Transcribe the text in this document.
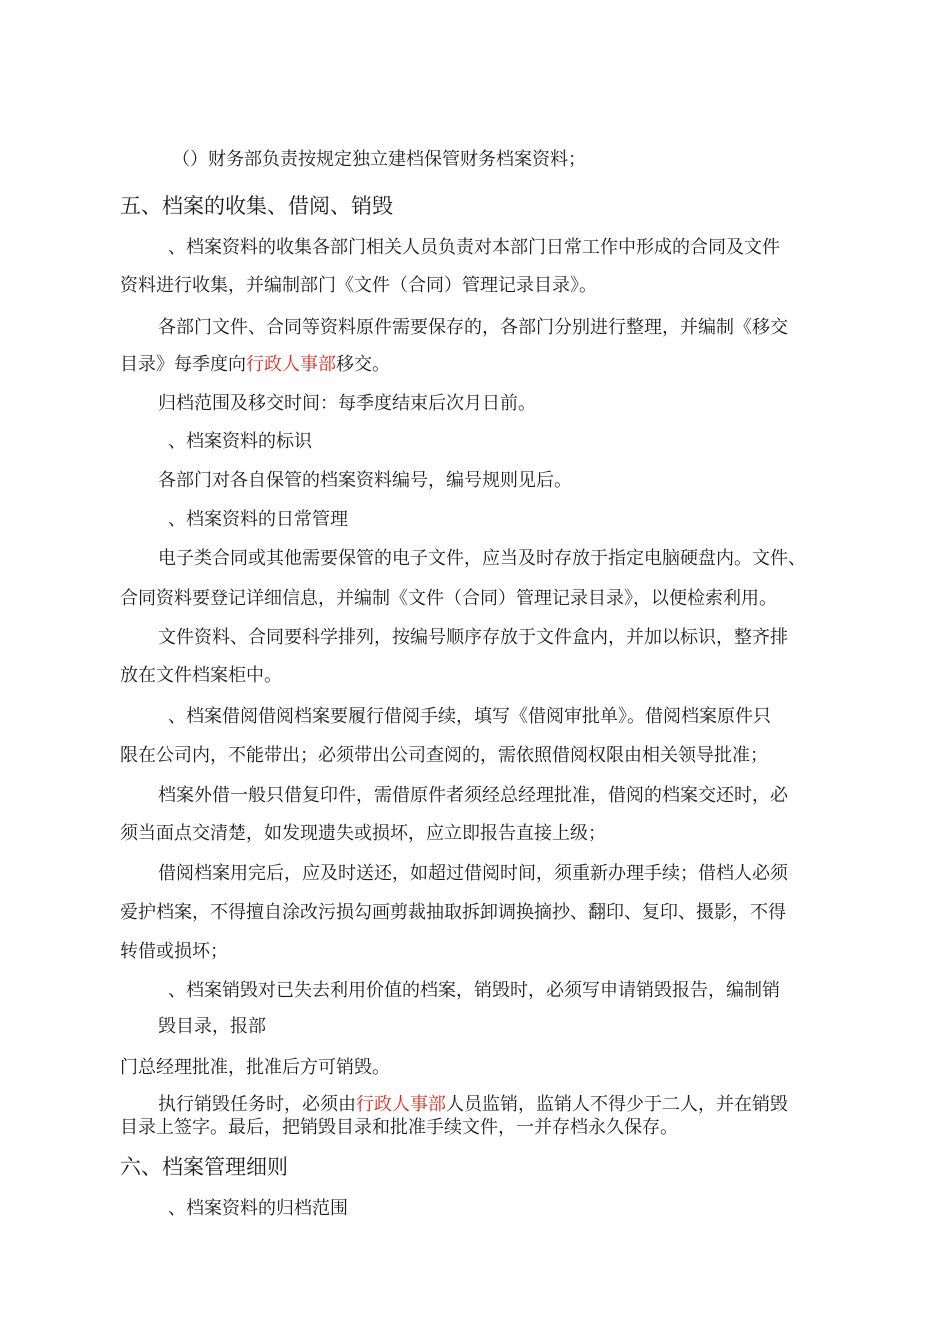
（）财务部负责按规定独立建档保管财务档案资料；
五、档案的收集、借阅、销毁
、档案资料的收集各部门相关人员负责对本部门日常工作中形成的合同及文件
资料进行收集，并编制部门《文件（合同）管理记录目录》。
各部门文件、合同等资料原件需要保存的，各部门分别进行整理，并编制《移交
目录》每季度向行政人事部移交。
归档范围及移交时间：每季度结束后次月日前。
、档案资料的标识
各部门对各自保管的档案资料编号，编号规则见后。
、档案资料的日常管理
电子类合同或其他需要保管的电子文件，应当及时存放于指定电脑硬盘内。文件、
合同资料要登记详细信息，并编制《文件（合同）管理记录目录》，以便检索利用。
文件资料、合同要科学排列，按编号顺序存放于文件盒内，并加以标识，整齐排
放在文件档案柜中。
、档案借阅借阅档案要履行借阅手续，填写《借阅审批单》。借阅档案原件只
限在公司内，不能带出；必须带出公司查阅的，需依照借阅权限由相关领导批准；
档案外借一般只借复印件，需借原件者须经总经理批准，借阅的档案交还时，必
须当面点交清楚，如发现遗失或损坏，应立即报告直接上级；
借阅档案用完后，应及时送还，如超过借阅时间，须重新办理手续；借档人必须
爱护档案，不得擅自涂改污损勾画剪裁抽取拆卸调换摘抄、翻印、复印、摄影，不得
转借或损坏；
、档案销毁对已失去利用价值的档案，销毁时，必须写申请销毁报告，编制销
毁目录，报部
门总经理批准，批准后方可销毁。
执行销毁任务时，必须由行政人事部人员监销，监销人不得少于二人，并在销毁
目录上签字。最后，把销毁目录和批准手续文件，一并存档永久保存。
六、档案管理细则
、档案资料的归档范围
